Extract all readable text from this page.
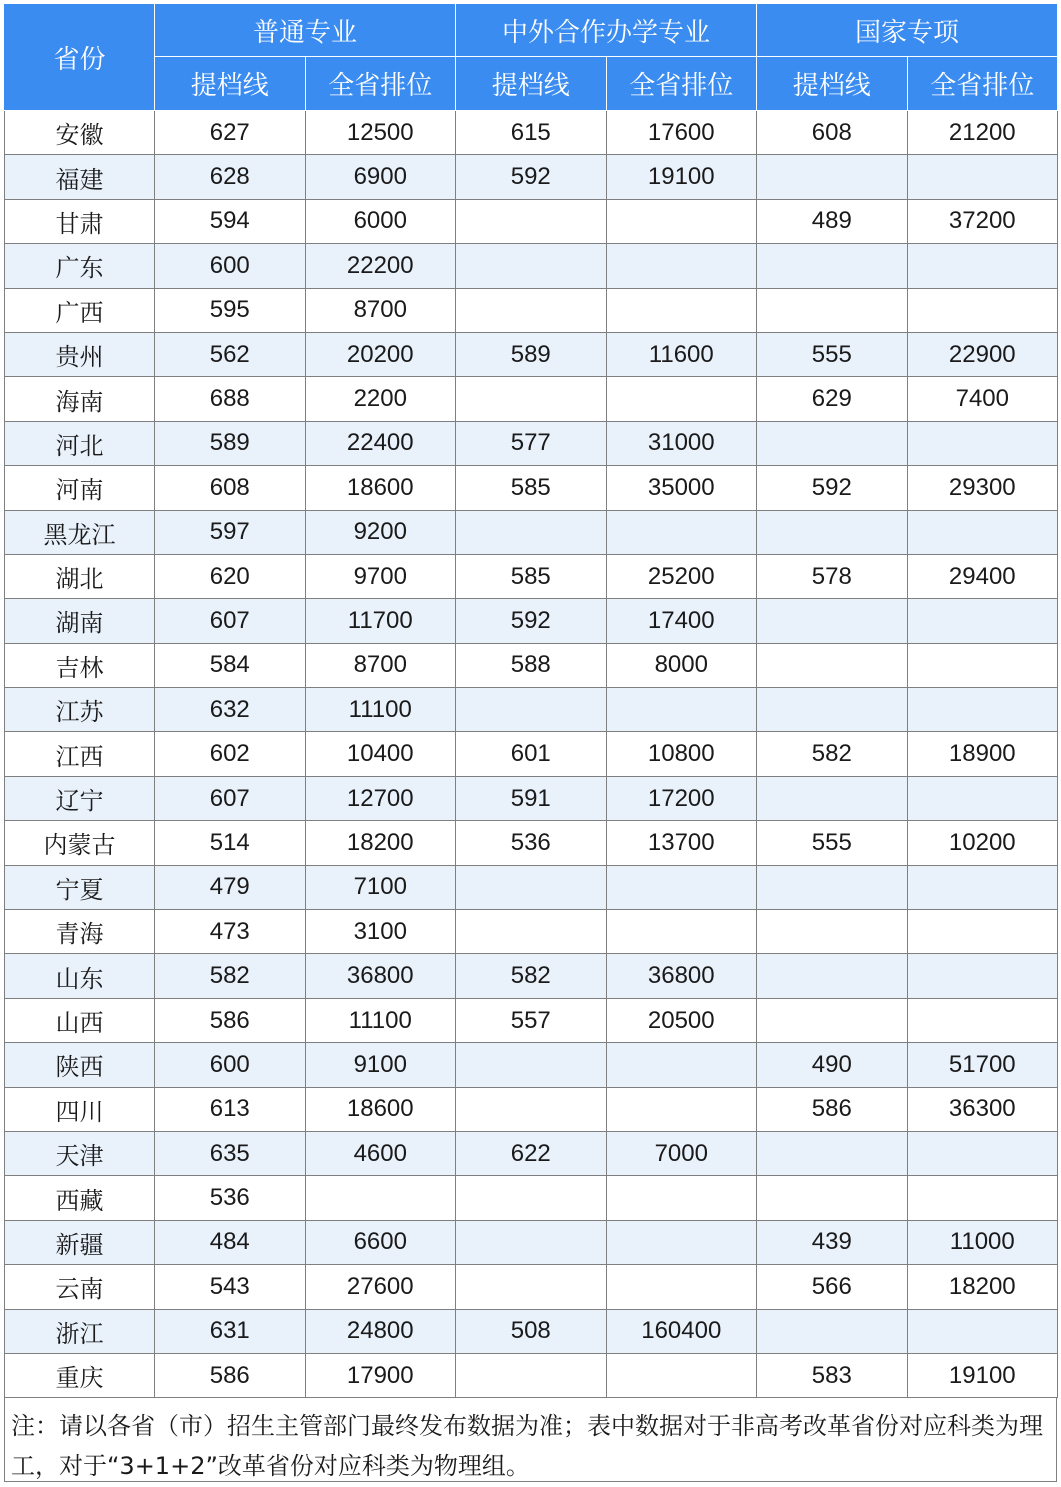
省份	普通专业		中外合作办学专业		国家专项	
	提档线	全省排位	提档线	全省排位	提档线	全省排位
安徽	627	12500	615	17600	608	21200
福建	628	6900	592	19100		
甘肃	594	6000			489	37200
广东	600	22200				
广西	595	8700				
贵州	562	20200	589	11600	555	22900
海南	688	2200			629	7400
河北	589	22400	577	31000		
河南	608	18600	585	35000	592	29300
黑龙江	597	9200				
湖北	620	9700	585	25200	578	29400
湖南	607	11700	592	17400		
吉林	584	8700	588	8000		
江苏	632	11100				
江西	602	10400	601	10800	582	18900
辽宁	607	12700	591	17200		
内蒙古	514	18200	536	13700	555	10200
宁夏	479	7100				
青海	473	3100				
山东	582	36800	582	36800		
山西	586	11100	557	20500		
陕西	600	9100			490	51700
四川	613	18600			586	36300
天津	635	4600	622	7000		
西藏	536					
新疆	484	6600			439	11000
云南	543	27600			566	18200
浙江	631	24800	508	160400		
重庆	586	17900			583	19100
注：请以各省（市）招生主管部门最终发布数据为准；表中数据对于非高考改革省份对应科类为理工，对于“3+1+2”改革省份对应科类为物理组。
